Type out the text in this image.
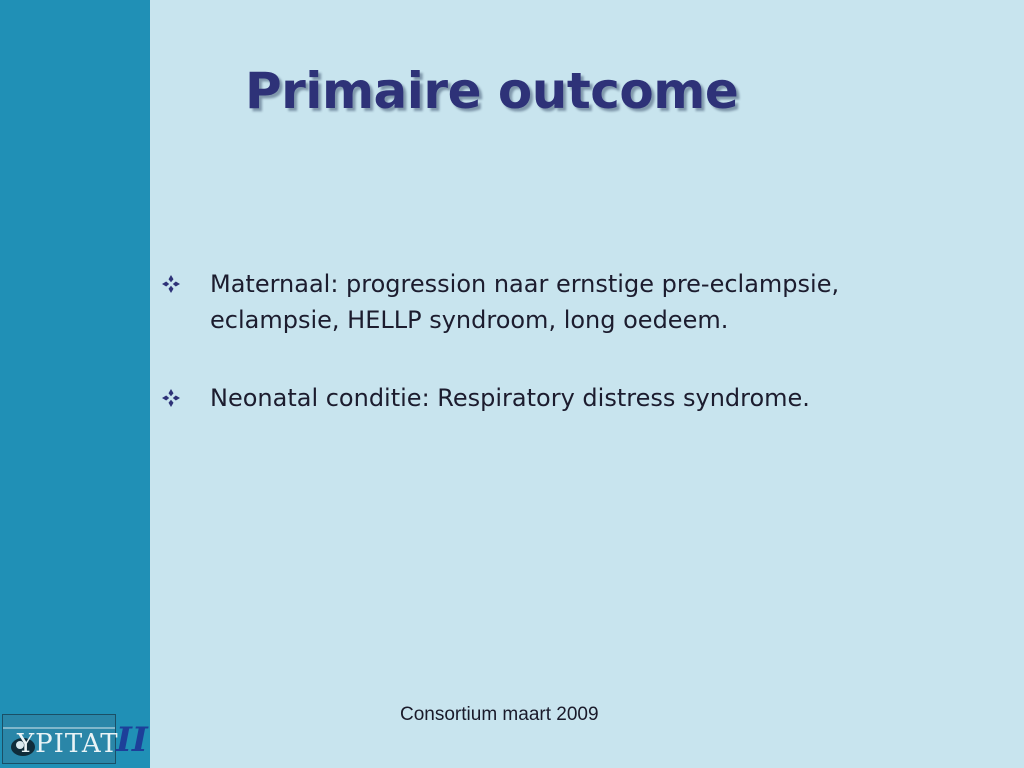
Primaire outcome
Maternaal: progression naar ernstige pre-eclampsie,
eclampsie, HELLP syndroom, long oedeem.
Neonatal conditie: Respiratory distress syndrome.
Consortium maart 2009
YPITAT
II
